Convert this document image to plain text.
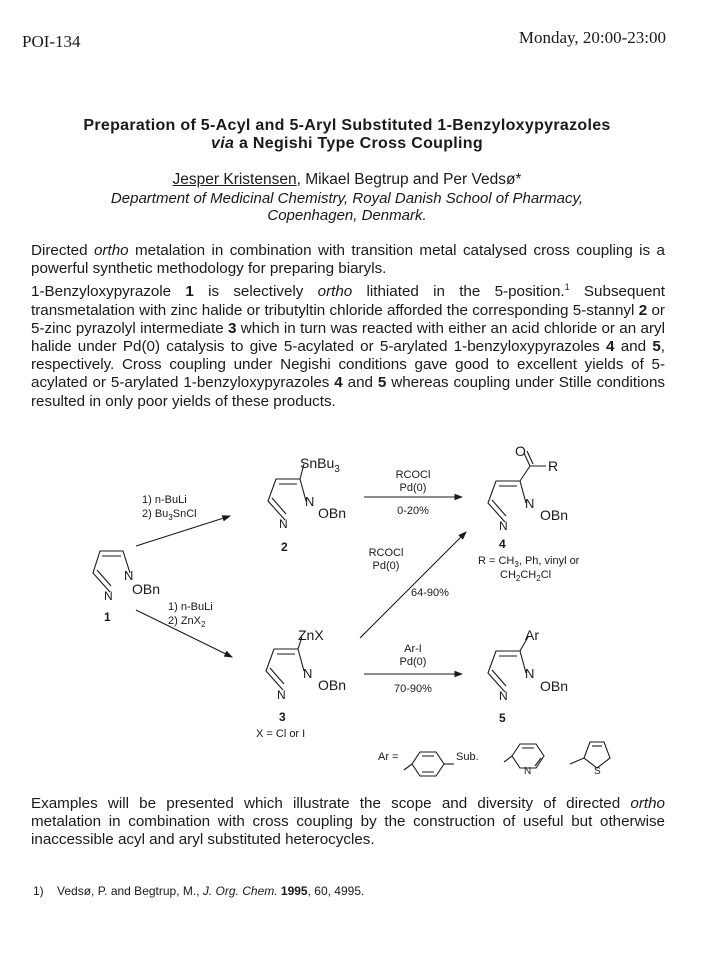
POI-134	Monday, 20:00-23:00
Preparation of 5-Acyl and 5-Aryl Substituted 1-Benzyloxypyrazoles
via a Negishi Type Cross Coupling
Jesper Kristensen, Mikael Begtrup and Per Vedsø*
Department of Medicinal Chemistry, Royal Danish School of Pharmacy,
Copenhagen, Denmark.

Directed ortho metalation in combination with transition metal catalysed cross coupling is a powerful synthetic methodology for preparing biaryls.

1-Benzyloxypyrazole 1 is selectively ortho lithiated in the 5-position.$^1$ Subsequent transmetalation with zinc halide or tributyltin chloride afforded the corresponding 5-stannyl 2 or 5-zinc pyrazolyl intermediate 3 which in turn was reacted with either an acid chloride or an aryl halide under Pd(0) catalysis to give 5-acylated or 5-arylated 1-benzyloxypyrazoles 4 and 5, respectively. Cross coupling under Negishi conditions gave good to excellent yields of 5-acylated or 5-arylated 1-benzyloxypyrazoles 4 and 5 whereas coupling under Stille conditions resulted in only poor yields of these products.

SnBu$_3$
N
OBn
N
2
N
OBn
N
1
1) n-BuLi
2) $Bu_3SnCl$
1) n-BuLi
2) ZnX$_2$
RCOCl
Pd(0)
0-20%
RCOCl
Pd(0)
64-90%
O
R
N
OBn
N
4
$R = CH_3$, Ph, vinyl or
$CH_2CH_2Cl$
ZnX
N
OBn
N
3
X = Cl or I
Ar-I
Pd(0)
70-90%
Ar
N
OBn
N
5
Ar =	Sub.
N	S

Examples will be presented which illustrate the scope and diversity of directed ortho metalation in combination with cross coupling by the construction of useful but otherwise inaccessible acyl and aryl substituted heterocycles.

1) Vedsø, P. and Begtrup, M., J. Org. Chem. 1995, 60, 4995.
